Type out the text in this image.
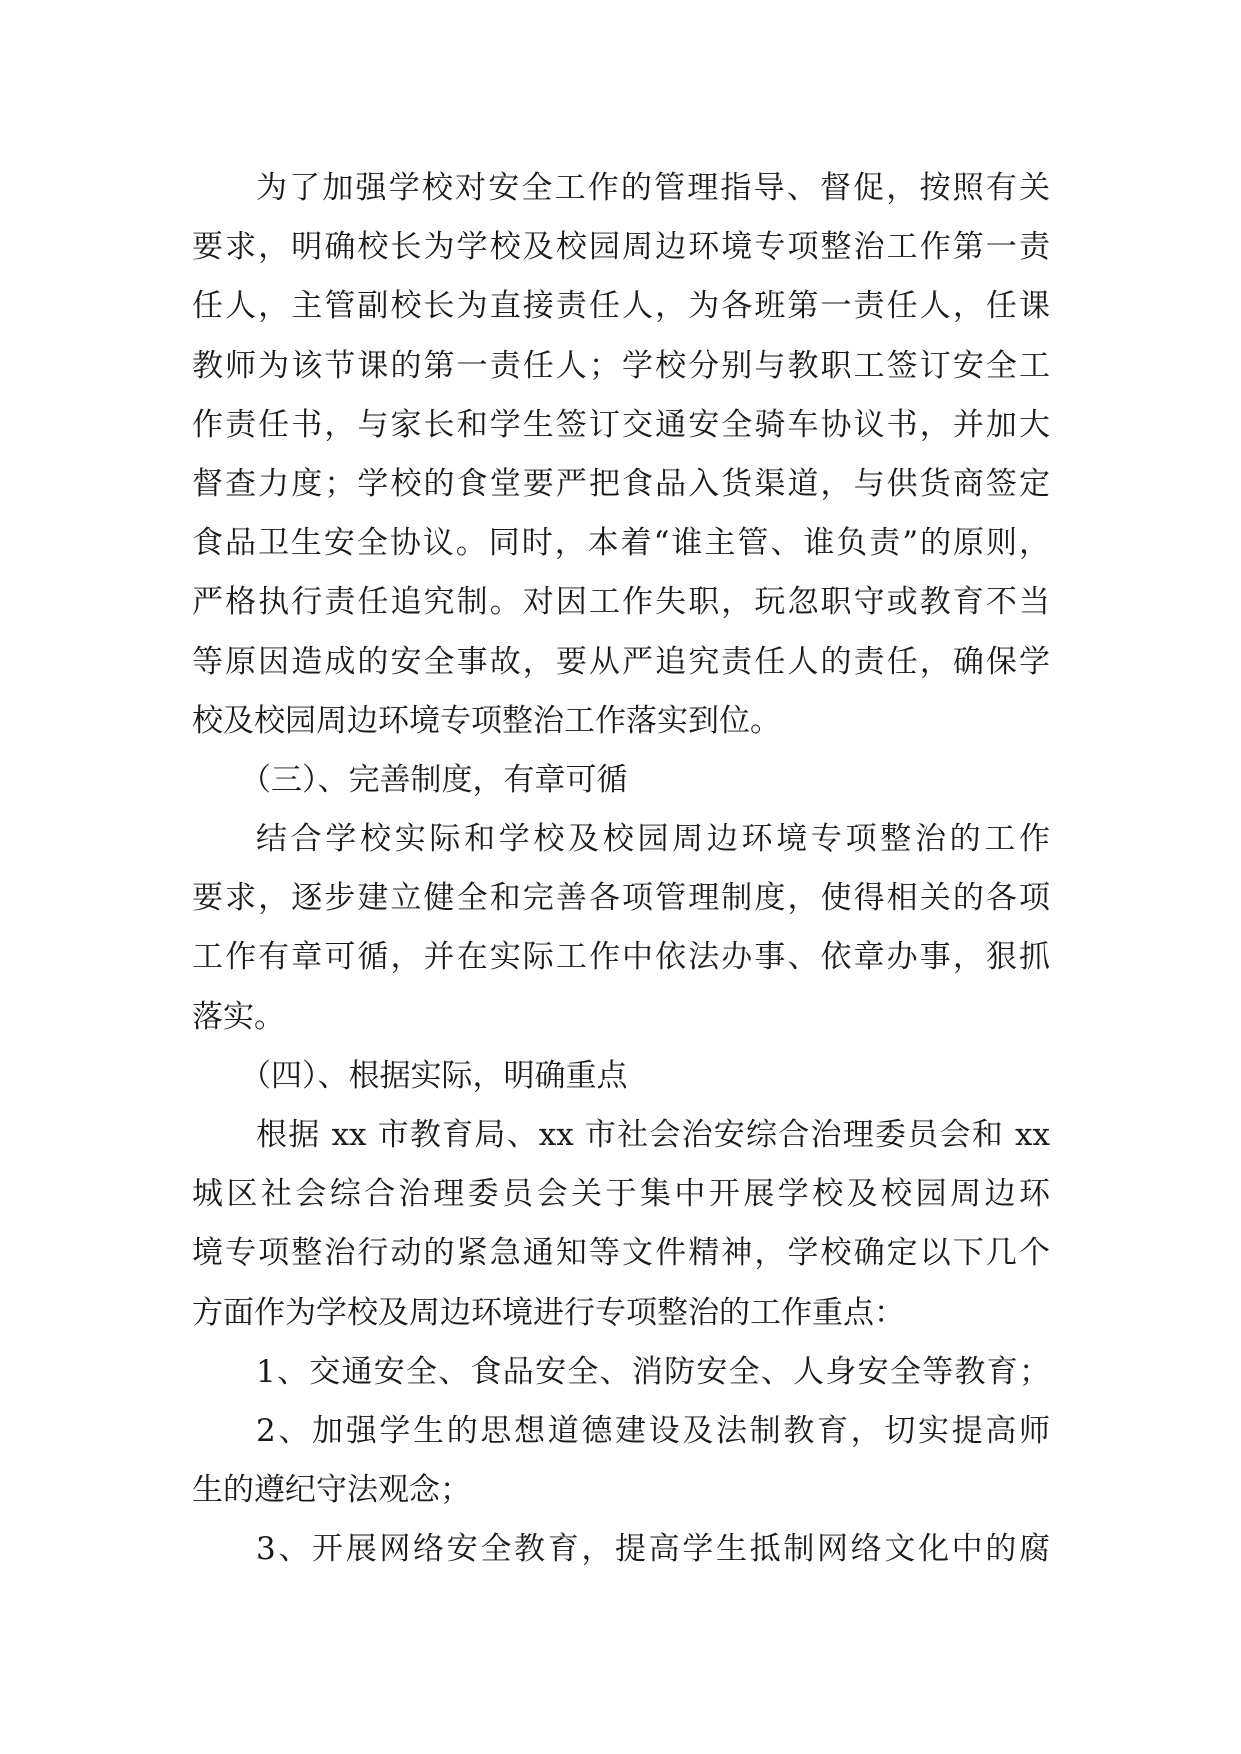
为了加强学校对安全工作的管理指导、督促，按照有关
要求，明确校长为学校及校园周边环境专项整治工作第一责
任人，主管副校长为直接责任人，为各班第一责任人，任课
教师为该节课的第一责任人；学校分别与教职工签订安全工
作责任书，与家长和学生签订交通安全骑车协议书，并加大
督查力度；学校的食堂要严把食品入货渠道，与供货商签定
食品卫生安全协议。同时，本着“谁主管、谁负责”的原则，
严格执行责任追究制。对因工作失职，玩忽职守或教育不当
等原因造成的安全事故，要从严追究责任人的责任，确保学
校及校园周边环境专项整治工作落实到位。
（三）、完善制度，有章可循
结合学校实际和学校及校园周边环境专项整治的工作
要求，逐步建立健全和完善各项管理制度，使得相关的各项
工作有章可循，并在实际工作中依法办事、依章办事，狠抓
落实。
（四）、根据实际，明确重点
根据 xx 市教育局、xx 市社会治安综合治理委员会和 xx
城区社会综合治理委员会关于集中开展学校及校园周边环
境专项整治行动的紧急通知等文件精神，学校确定以下几个
方面作为学校及周边环境进行专项整治的工作重点：
1、交通安全、食品安全、消防安全、人身安全等教育；
2、加强学生的思想道德建设及法制教育，切实提高师
生的遵纪守法观念；
3、开展网络安全教育，提高学生抵制网络文化中的腐
